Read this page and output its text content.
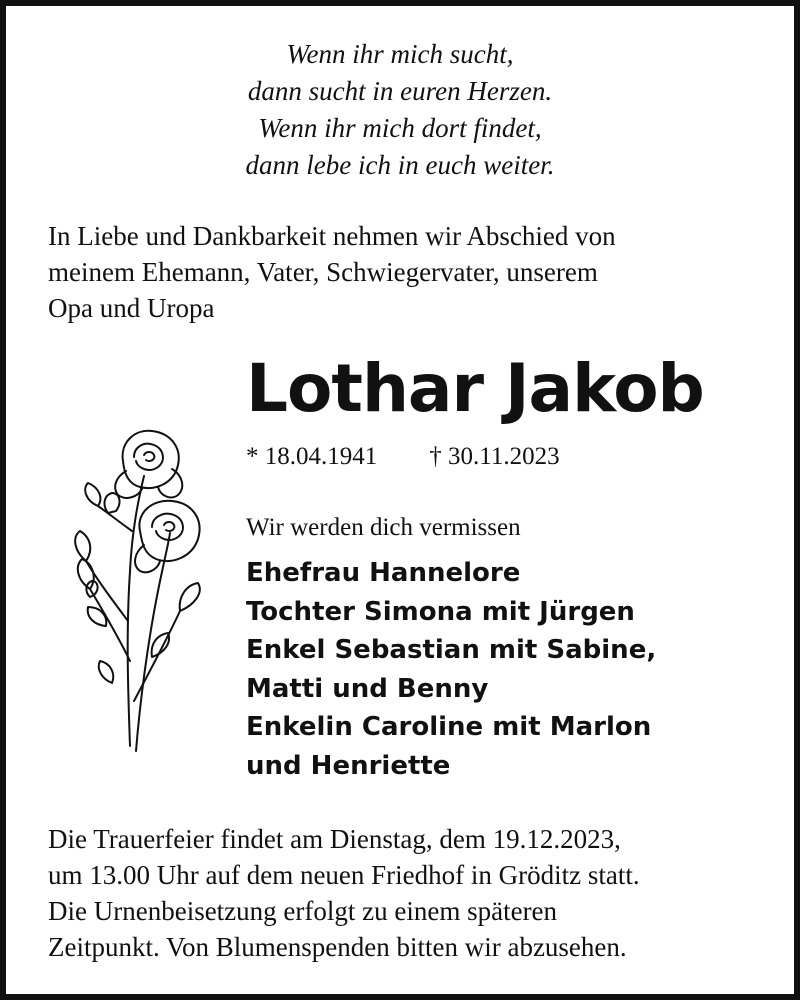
Wenn ihr mich sucht,
dann sucht in euren Herzen.
Wenn ihr mich dort findet,
dann lebe ich in euch weiter.
In Liebe und Dankbarkeit nehmen wir Abschied von
meinem Ehemann, Vater, Schwiegervater, unserem
Opa und Uropa
Lothar Jakob
* 18.04.1941 † 30.11.2023
Wir werden dich vermissen
Ehefrau Hannelore
Tochter Simona mit Jürgen
Enkel Sebastian mit Sabine,
Matti und Benny
Enkelin Caroline mit Marlon
und Henriette
Die Trauerfeier findet am Dienstag, dem 19.12.2023,
um 13.00 Uhr auf dem neuen Friedhof in Gröditz statt.
Die Urnenbeisetzung erfolgt zu einem späteren
Zeitpunkt. Von Blumenspenden bitten wir abzusehen.
